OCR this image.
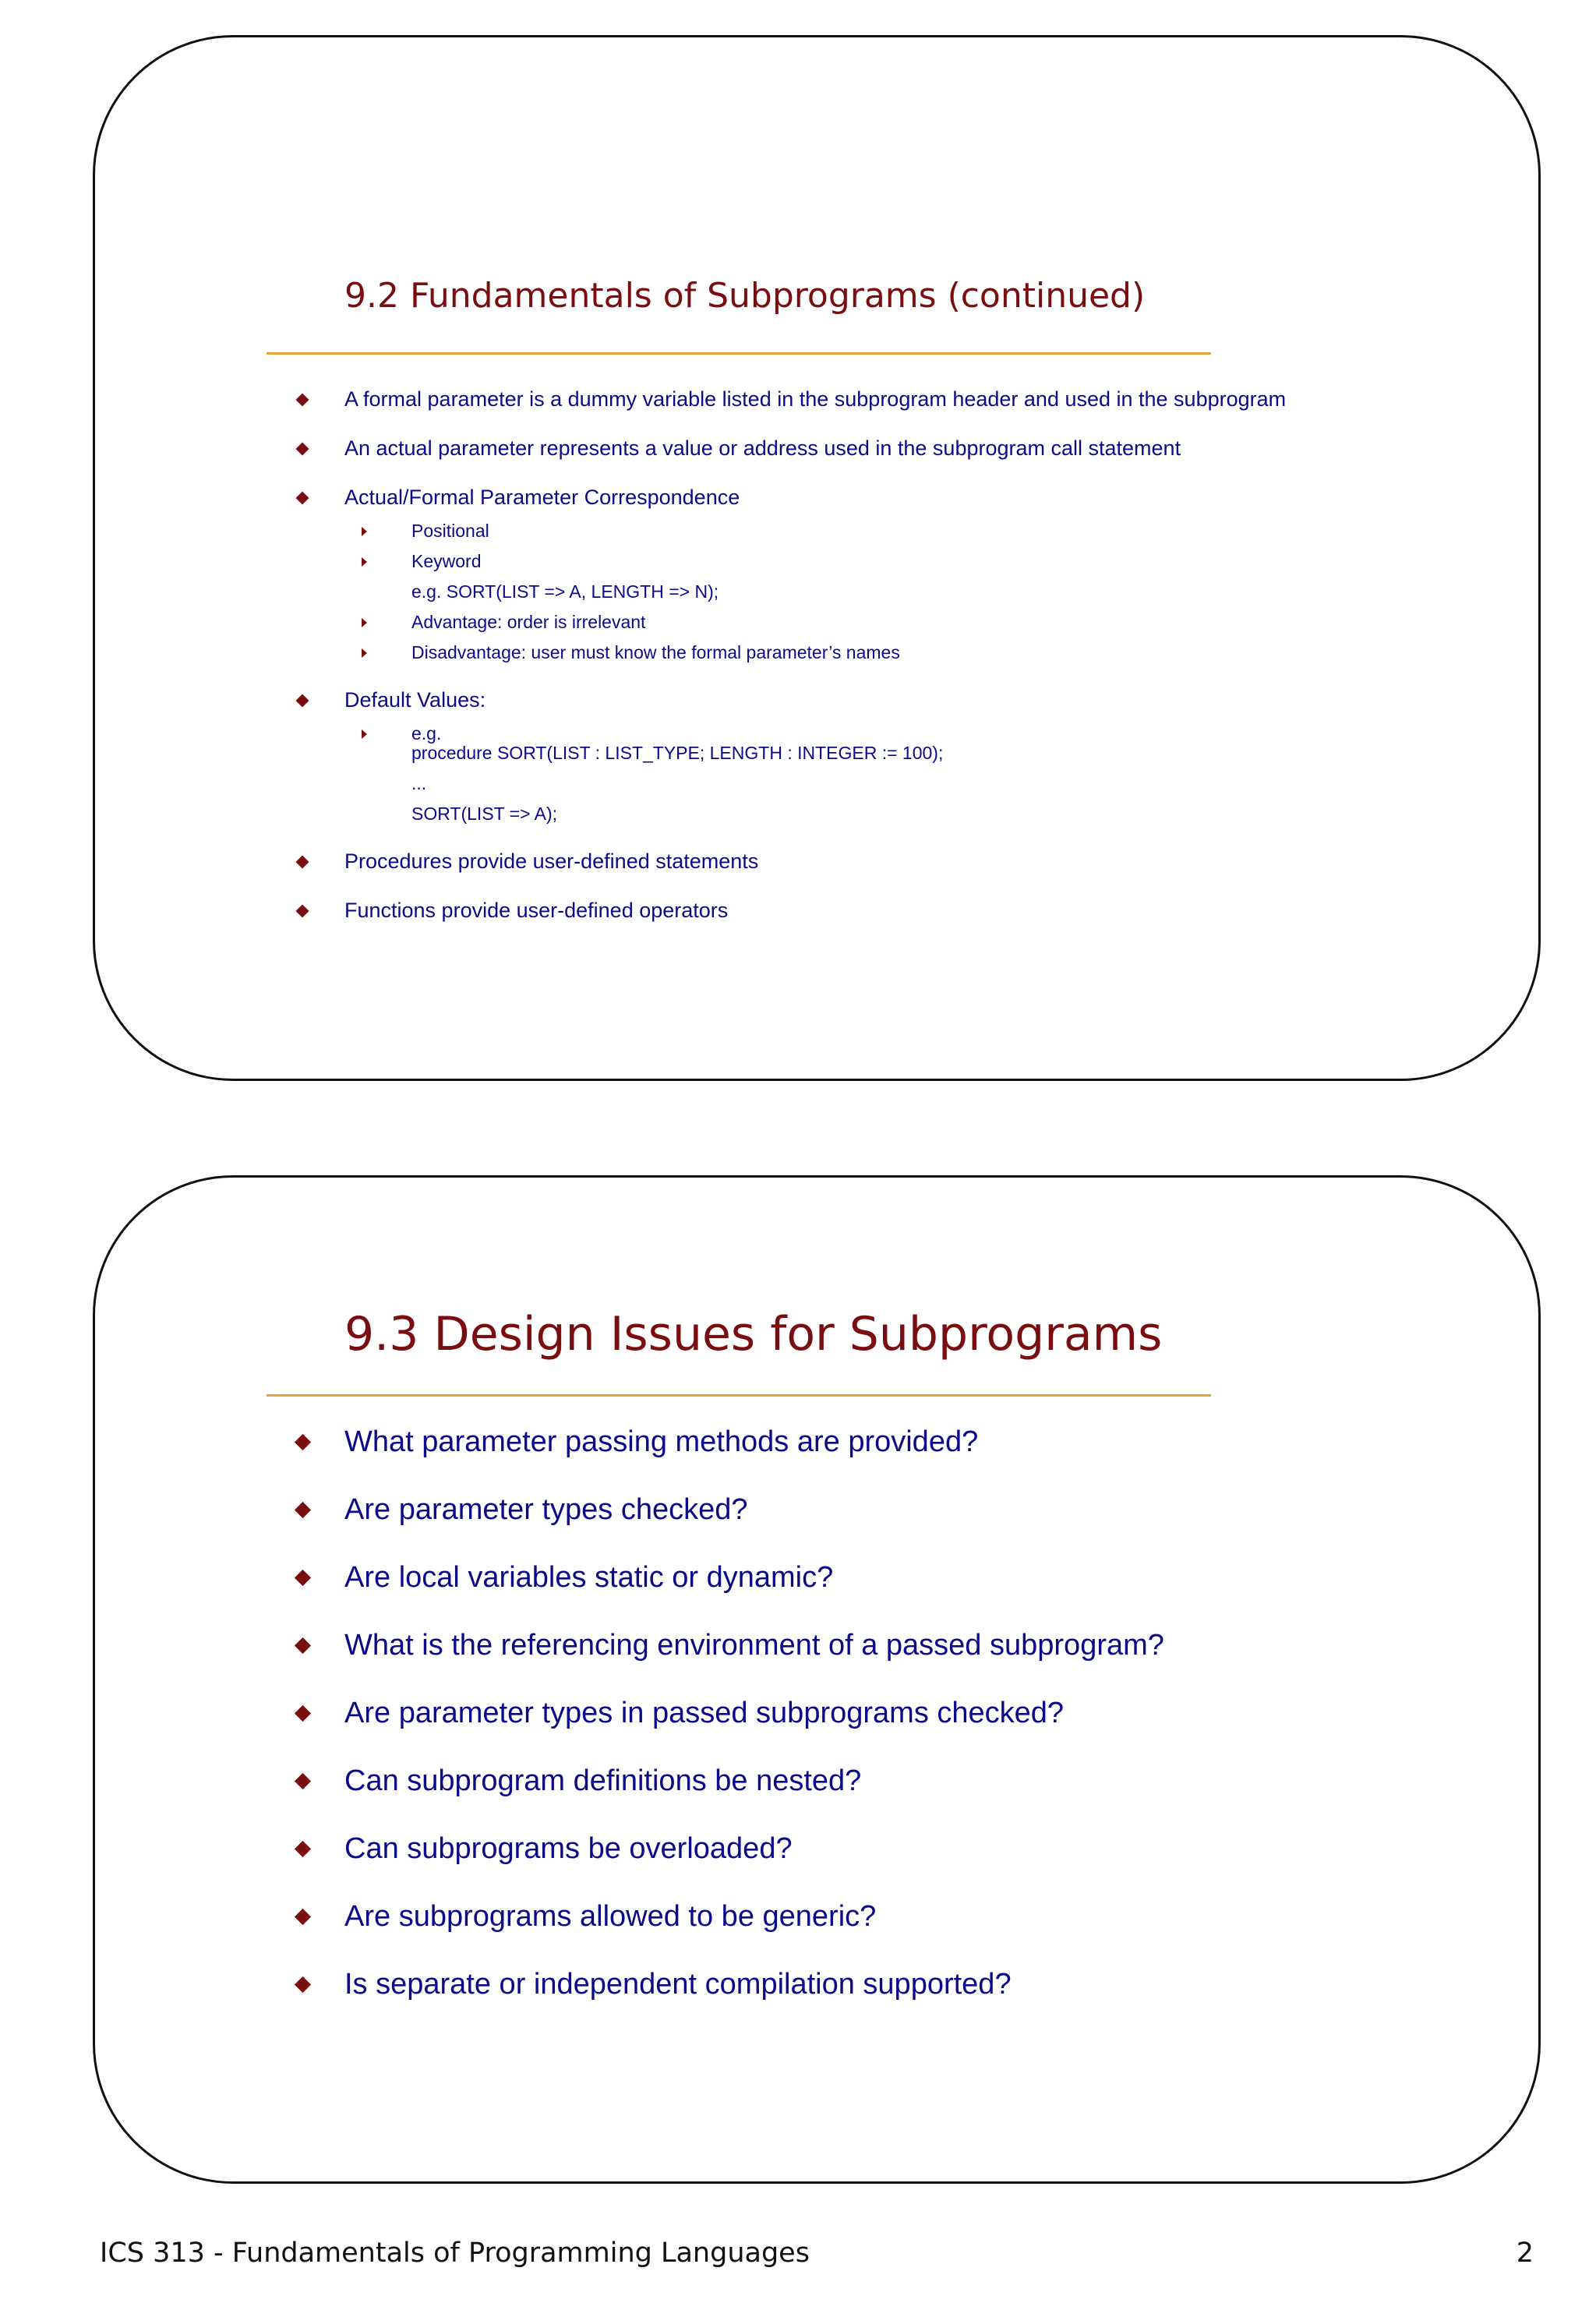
9.2 Fundamentals of Subprograms (continued)
A formal parameter is a dummy variable listed in the subprogram header and used in the subprogram
An actual parameter represents a value or address used in the subprogram call statement
Actual/Formal Parameter Correspondence
Positional
Keyword
e.g. SORT(LIST => A, LENGTH => N);
Advantage: order is irrelevant
Disadvantage: user must know the formal parameter’s names
Default Values:
e.g.
procedure SORT(LIST : LIST_TYPE; LENGTH : INTEGER := 100);
...
SORT(LIST => A);
Procedures provide user-defined statements
Functions provide user-defined operators
9.3 Design Issues for Subprograms
What parameter passing methods are provided?
Are parameter types checked?
Are local variables static or dynamic?
What is the referencing environment of a passed subprogram?
Are parameter types in passed subprograms checked?
Can subprogram definitions be nested?
Can subprograms be overloaded?
Are subprograms allowed to be generic?
Is separate or independent compilation supported?
ICS 313 - Fundamentals of Programming Languages	2
